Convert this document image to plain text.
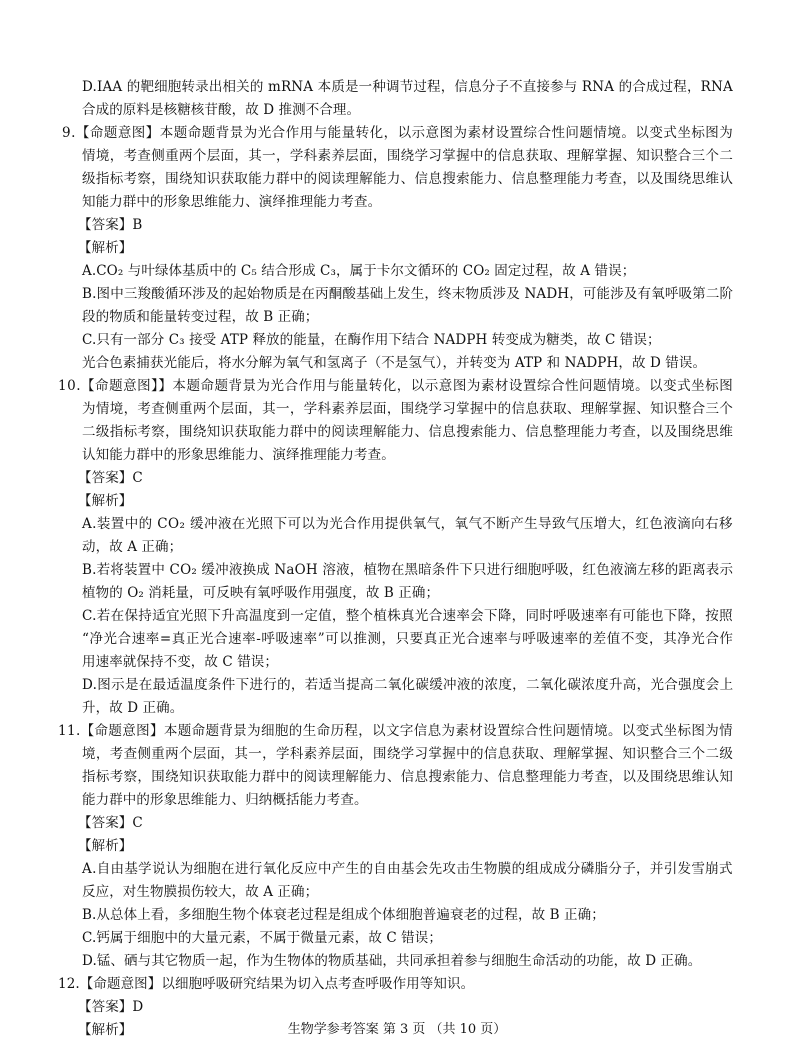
D.IAA 的靶细胞转录出相关的 mRNA 本质是一种调节过程，信息分子不直接参与 RNA 的合成过程，RNA
合成的原料是核糖核苷酸，故 D 推测不合理。
9.【命题意图】本题命题背景为光合作用与能量转化，以示意图为素材设置综合性问题情境。以变式坐标图为
情境，考查侧重两个层面，其一，学科素养层面，围绕学习掌握中的信息获取、理解掌握、知识整合三个二
级指标考察，围绕知识获取能力群中的阅读理解能力、信息搜索能力、信息整理能力考查，以及围绕思维认
知能力群中的形象思维能力、演绎推理能力考查。
【答案】B
【解析】
A.CO₂ 与叶绿体基质中的 C₅ 结合形成 C₃，属于卡尔文循环的 CO₂ 固定过程，故 A 错误；
B.图中三羧酸循环涉及的起始物质是在丙酮酸基础上发生，终末物质涉及 NADH，可能涉及有氧呼吸第二阶
段的物质和能量转变过程，故 B 正确；
C.只有一部分 C₃ 接受 ATP 释放的能量，在酶作用下结合 NADPH 转变成为糖类，故 C 错误；
光合色素捕获光能后，将水分解为氧气和氢离子（不是氢气），并转变为 ATP 和 NADPH，故 D 错误。
10.【命题意图】】本题命题背景为光合作用与能量转化，以示意图为素材设置综合性问题情境。以变式坐标图
为情境，考查侧重两个层面，其一，学科素养层面，围绕学习掌握中的信息获取、理解掌握、知识整合三个
二级指标考察，围绕知识获取能力群中的阅读理解能力、信息搜索能力、信息整理能力考查，以及围绕思维
认知能力群中的形象思维能力、演绎推理能力考查。
【答案】C
【解析】
A.装置中的 CO₂ 缓冲液在光照下可以为光合作用提供氧气，氧气不断产生导致气压增大，红色液滴向右移
动，故 A 正确；
B.若将装置中 CO₂ 缓冲液换成 NaOH 溶液，植物在黑暗条件下只进行细胞呼吸，红色液滴左移的距离表示
植物的 O₂ 消耗量，可反映有氧呼吸作用强度，故 B 正确；
C.若在保持适宜光照下升高温度到一定值，整个植株真光合速率会下降，同时呼吸速率有可能也下降，按照
“净光合速率=真正光合速率-呼吸速率”可以推测，只要真正光合速率与呼吸速率的差值不变，其净光合作
用速率就保持不变，故 C 错误；
D.图示是在最适温度条件下进行的，若适当提高二氧化碳缓冲液的浓度，二氧化碳浓度升高，光合强度会上
升，故 D 正确。
11.【命题意图】本题命题背景为细胞的生命历程，以文字信息为素材设置综合性问题情境。以变式坐标图为情
境，考查侧重两个层面，其一，学科素养层面，围绕学习掌握中的信息获取、理解掌握、知识整合三个二级
指标考察，围绕知识获取能力群中的阅读理解能力、信息搜索能力、信息整理能力考查，以及围绕思维认知
能力群中的形象思维能力、归纳概括能力考查。
【答案】C
【解析】
A.自由基学说认为细胞在进行氧化反应中产生的自由基会先攻击生物膜的组成成分磷脂分子，并引发雪崩式
反应，对生物膜损伤较大，故 A 正确；
B.从总体上看，多细胞生物个体衰老过程是组成个体细胞普遍衰老的过程，故 B 正确；
C.钙属于细胞中的大量元素，不属于微量元素，故 C 错误；
D.锰、硒与其它物质一起，作为生物体的物质基础，共同承担着参与细胞生命活动的功能，故 D 正确。
12.【命题意图】以细胞呼吸研究结果为切入点考查呼吸作用等知识。
【答案】D
【解析】	生物学参考答案 第 3 页 （共 10 页）
